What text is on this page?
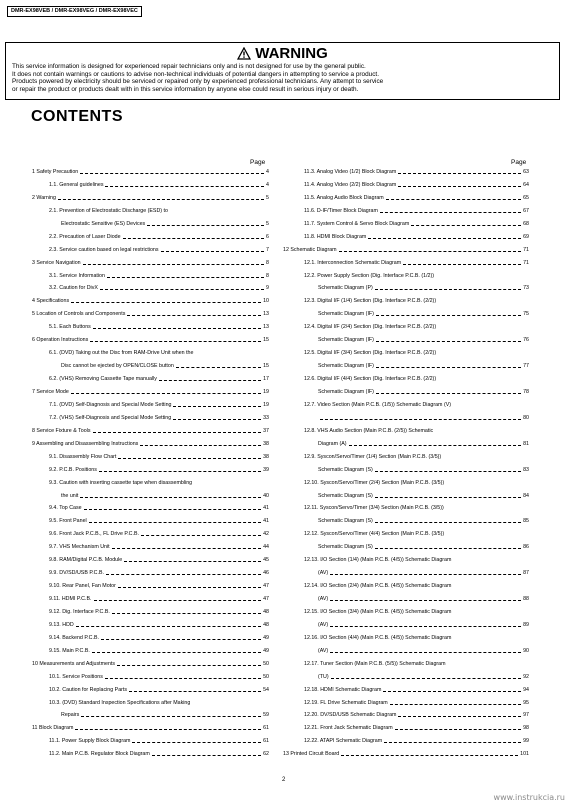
DMR-EX98VEB / DMR-EX98VEG / DMR-EX98VEC
WARNING
This service information is designed for experienced repair technicians only and is not designed for use by the general public.
It does not contain warnings or cautions to advise non-technical individuals of potential dangers in attempting to service a product.
Products powered by electricity should be serviced or repaired only by experienced professional technicians. Any attempt to service
or repair the product or products dealt with in this service information by anyone else could result in serious injury or death.
CONTENTS
Page	Page
1 Safety Precaution	4
1.1. General guidelines	4
2 Warning	5
2.1. Prevention of Electrostatic Discharge (ESD) to
Electrostatic Sensitive (ES) Devices	5
2.2. Precaution of Laser Diode	6
2.3. Service caution based on legal restrictions	7
3 Service Navigation	8
3.1. Service Information	8
3.2. Caution for DivX	9
4 Specifications	10
5 Location of Controls and Components	13
5.1. Each Buttons	13
6 Operation Instructions	15
6.1. (DVD) Taking out the Disc from RAM-Drive Unit when the
Disc cannot be ejected by OPEN/CLOSE button	15
6.2. (VHS) Removing Cassette Tape manually	17
7 Service Mode	19
7.1. (DVD) Self-Diagnosis and Special Mode Setting	19
7.2. (VHS) Self-Diagnosis and Special Mode Setting	33
8 Service Fixture & Tools	37
9 Assembling and Disassembling Instructions	38
9.1. Disassembly Flow Chart	38
9.2. P.C.B. Positions	39
9.3. Caution with inserting cassette tape when disassembling
the unit	40
9.4. Top Case	41
9.5. Front Panel	41
9.6. Front Jack P.C.B., FL Drive P.C.B.	42
9.7. VHS Mechanism Unit	44
9.8. RAM/Digital P.C.B. Module	45
9.9. DV/SD/USB P.C.B.	46
9.10. Rear Panel, Fan Motor	47
9.11. HDMI P.C.B.	47
9.12. Dig. Interface P.C.B.	48
9.13. HDD	48
9.14. Backend P.C.B.	49
9.15. Main P.C.B.	49
10 Measurements and Adjustments	50
10.1. Service Positions	50
10.2. Caution for Replacing Parts	54
10.3. (DVD) Standard Inspection Specifications after Making
Repairs	59
11 Block Diagram	61
11.1. Power Supply Block Diagram	61
11.2. Main P.C.B. Regulator Block Diagram	62
11.3. Analog Video (1/2) Block Diagram	63
11.4. Analog Video (2/2) Block Diagram	64
11.5. Analog Audio Block Diagram	65
11.6. D-IF/Timer Block Diagram	67
11.7. System Control & Servo Block Diagram	68
11.8. HDMI Block Diagram	69
12 Schematic Diagram	71
12.1. Interconnection Schematic Diagram	71
12.2. Power Supply Section (Dig. Interface P.C.B. (1/2))
Schematic Diagram (P)	73
12.3. Digital I/F (1/4) Section (Dig. Interface P.C.B. (2/2))
Schematic Diagram (IF)	75
12.4. Digital I/F (2/4) Section (Dig. Interface P.C.B. (2/2))
Schematic Diagram (IF)	76
12.5. Digital I/F (3/4) Section (Dig. Interface P.C.B. (2/2))
Schematic Diagram (IF)	77
12.6. Digital I/F (4/4) Section (Dig. Interface P.C.B. (2/2))
Schematic Diagram (IF)	78
12.7. Video Section (Main P.C.B. (1/5)) Schematic Diagram (V)
80
12.8. VHS Audio Section (Main P.C.B. (2/5)) Schematic
Diagram (A)	81
12.9. Syscon/Servo/Timer (1/4) Section (Main P.C.B. (3/5))
Schematic Diagram (S)	83
12.10. Syscon/Servo/Timer (2/4) Section (Main P.C.B. (3/5))
Schematic Diagram (S)	84
12.11. Syscon/Servo/Timer (3/4) Section (Main P.C.B. (3/5))
Schematic Diagram (S)	85
12.12. Syscon/Servo/Timer (4/4) Section (Main P.C.B. (3/5))
Schematic Diagram (S)	86
12.13. I/O Section (1/4) (Main P.C.B. (4/5)) Schematic Diagram
(AV)	87
12.14. I/O Section (2/4) (Main P.C.B. (4/5)) Schematic Diagram
(AV)	88
12.15. I/O Section (3/4) (Main P.C.B. (4/5)) Schematic Diagram
(AV)	89
12.16. I/O Section (4/4) (Main P.C.B. (4/5)) Schematic Diagram
(AV)	90
12.17. Tuner Section (Main P.C.B. (5/5)) Schematic Diagram
(TU)	92
12.18. HDMI Schematic Diagram	94
12.19. FL Drive Schematic Diagram	95
12.20. DV/SD/USB Schematic Diagram	97
12.21. Front Jack Schematic Diagram	98
12.22. ATAPI Schematic Diagram	99
13 Printed Circuit Board	101
2
www.instrukcia.ru
